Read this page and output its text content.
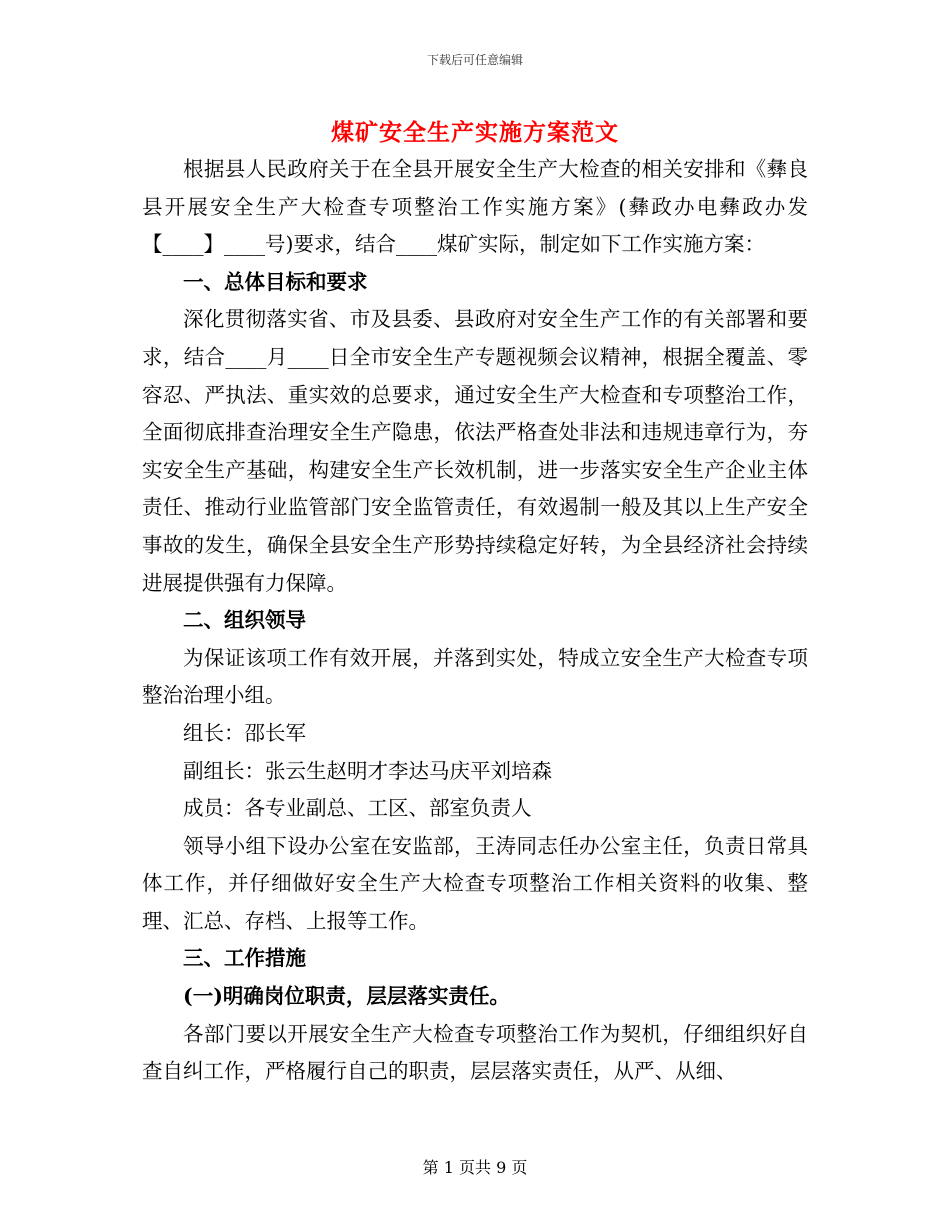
下载后可任意编辑
煤矿安全生产实施方案范文

根据县人民政府关于在全县开展安全生产大检查的相关安排和《彝良县开展安全生产大检查专项整治工作实施方案》(彝政办电彝政办发【____】____号)要求，结合____煤矿实际，制定如下工作实施方案：

一、总体目标和要求

深化贯彻落实省、市及县委、县政府对安全生产工作的有关部署和要求，结合____月____日全市安全生产专题视频会议精神，根据全覆盖、零容忍、严执法、重实效的总要求，通过安全生产大检查和专项整治工作，全面彻底排查治理安全生产隐患，依法严格查处非法和违规违章行为，夯实安全生产基础，构建安全生产长效机制，进一步落实安全生产企业主体责任、推动行业监管部门安全监管责任，有效遏制一般及其以上生产安全事故的发生，确保全县安全生产形势持续稳定好转，为全县经济社会持续进展提供强有力保障。

二、组织领导

为保证该项工作有效开展，并落到实处，特成立安全生产大检查专项整治治理小组。

组长：邵长军

副组长：张云生赵明才李达马庆平刘培森

成员：各专业副总、工区、部室负责人

领导小组下设办公室在安监部，王涛同志任办公室主任，负责日常具体工作，并仔细做好安全生产大检查专项整治工作相关资料的收集、整理、汇总、存档、上报等工作。

三、工作措施

(一)明确岗位职责，层层落实责任。

各部门要以开展安全生产大检查专项整治工作为契机，仔细组织好自查自纠工作，严格履行自己的职责，层层落实责任，从严、从细、

第 1 页共 9 页
